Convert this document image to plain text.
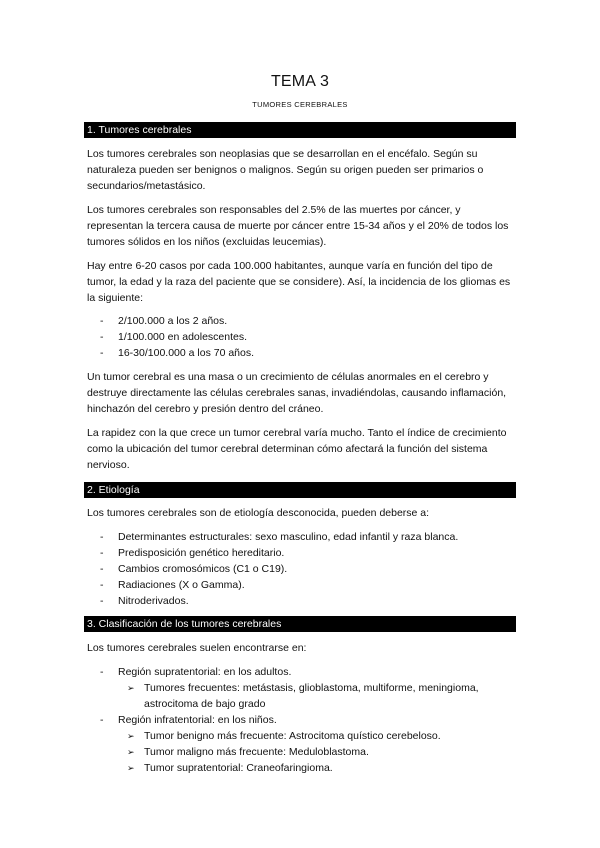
TEMA 3
TUMORES CEREBRALES
1. Tumores cerebrales
Los tumores cerebrales son neoplasias que se desarrollan en el encéfalo. Según su naturaleza pueden ser benignos o malignos. Según su origen pueden ser primarios o secundarios/metastásico.
Los tumores cerebrales son responsables del 2.5% de las muertes por cáncer, y representan la tercera causa de muerte por cáncer entre 15-34 años y el 20% de todos los tumores sólidos en los niños (excluidas leucemias).
Hay entre 6-20 casos por cada 100.000 habitantes, aunque varía en función del tipo de tumor, la edad y la raza del paciente que se considere). Así, la incidencia de los gliomas es la siguiente:
- 2/100.000 a los 2 años.
- 1/100.000 en adolescentes.
- 16-30/100.000 a los 70 años.
Un tumor cerebral es una masa o un crecimiento de células anormales en el cerebro y destruye directamente las células cerebrales sanas, invadiéndolas, causando inflamación, hinchazón del cerebro y presión dentro del cráneo.
La rapidez con la que crece un tumor cerebral varía mucho. Tanto el índice de crecimiento como la ubicación del tumor cerebral determinan cómo afectará la función del sistema nervioso.
2. Etiología
Los tumores cerebrales son de etiología desconocida, pueden deberse a:
- Determinantes estructurales: sexo masculino, edad infantil y raza blanca.
- Predisposición genético hereditario.
- Cambios cromosómicos (C1 o C19).
- Radiaciones (X o Gamma).
- Nitroderivados.
3. Clasificación de los tumores cerebrales
Los tumores cerebrales suelen encontrarse en:
- Región supratentorial: en los adultos.
➢ Tumores frecuentes: metástasis, glioblastoma, multiforme, meningioma,
astrocitoma de bajo grado
- Región infratentorial: en los niños.
➢ Tumor benigno más frecuente: Astrocitoma quístico cerebeloso.
➢ Tumor maligno más frecuente: Meduloblastoma.
➢ Tumor supratentorial: Craneofaringioma.
